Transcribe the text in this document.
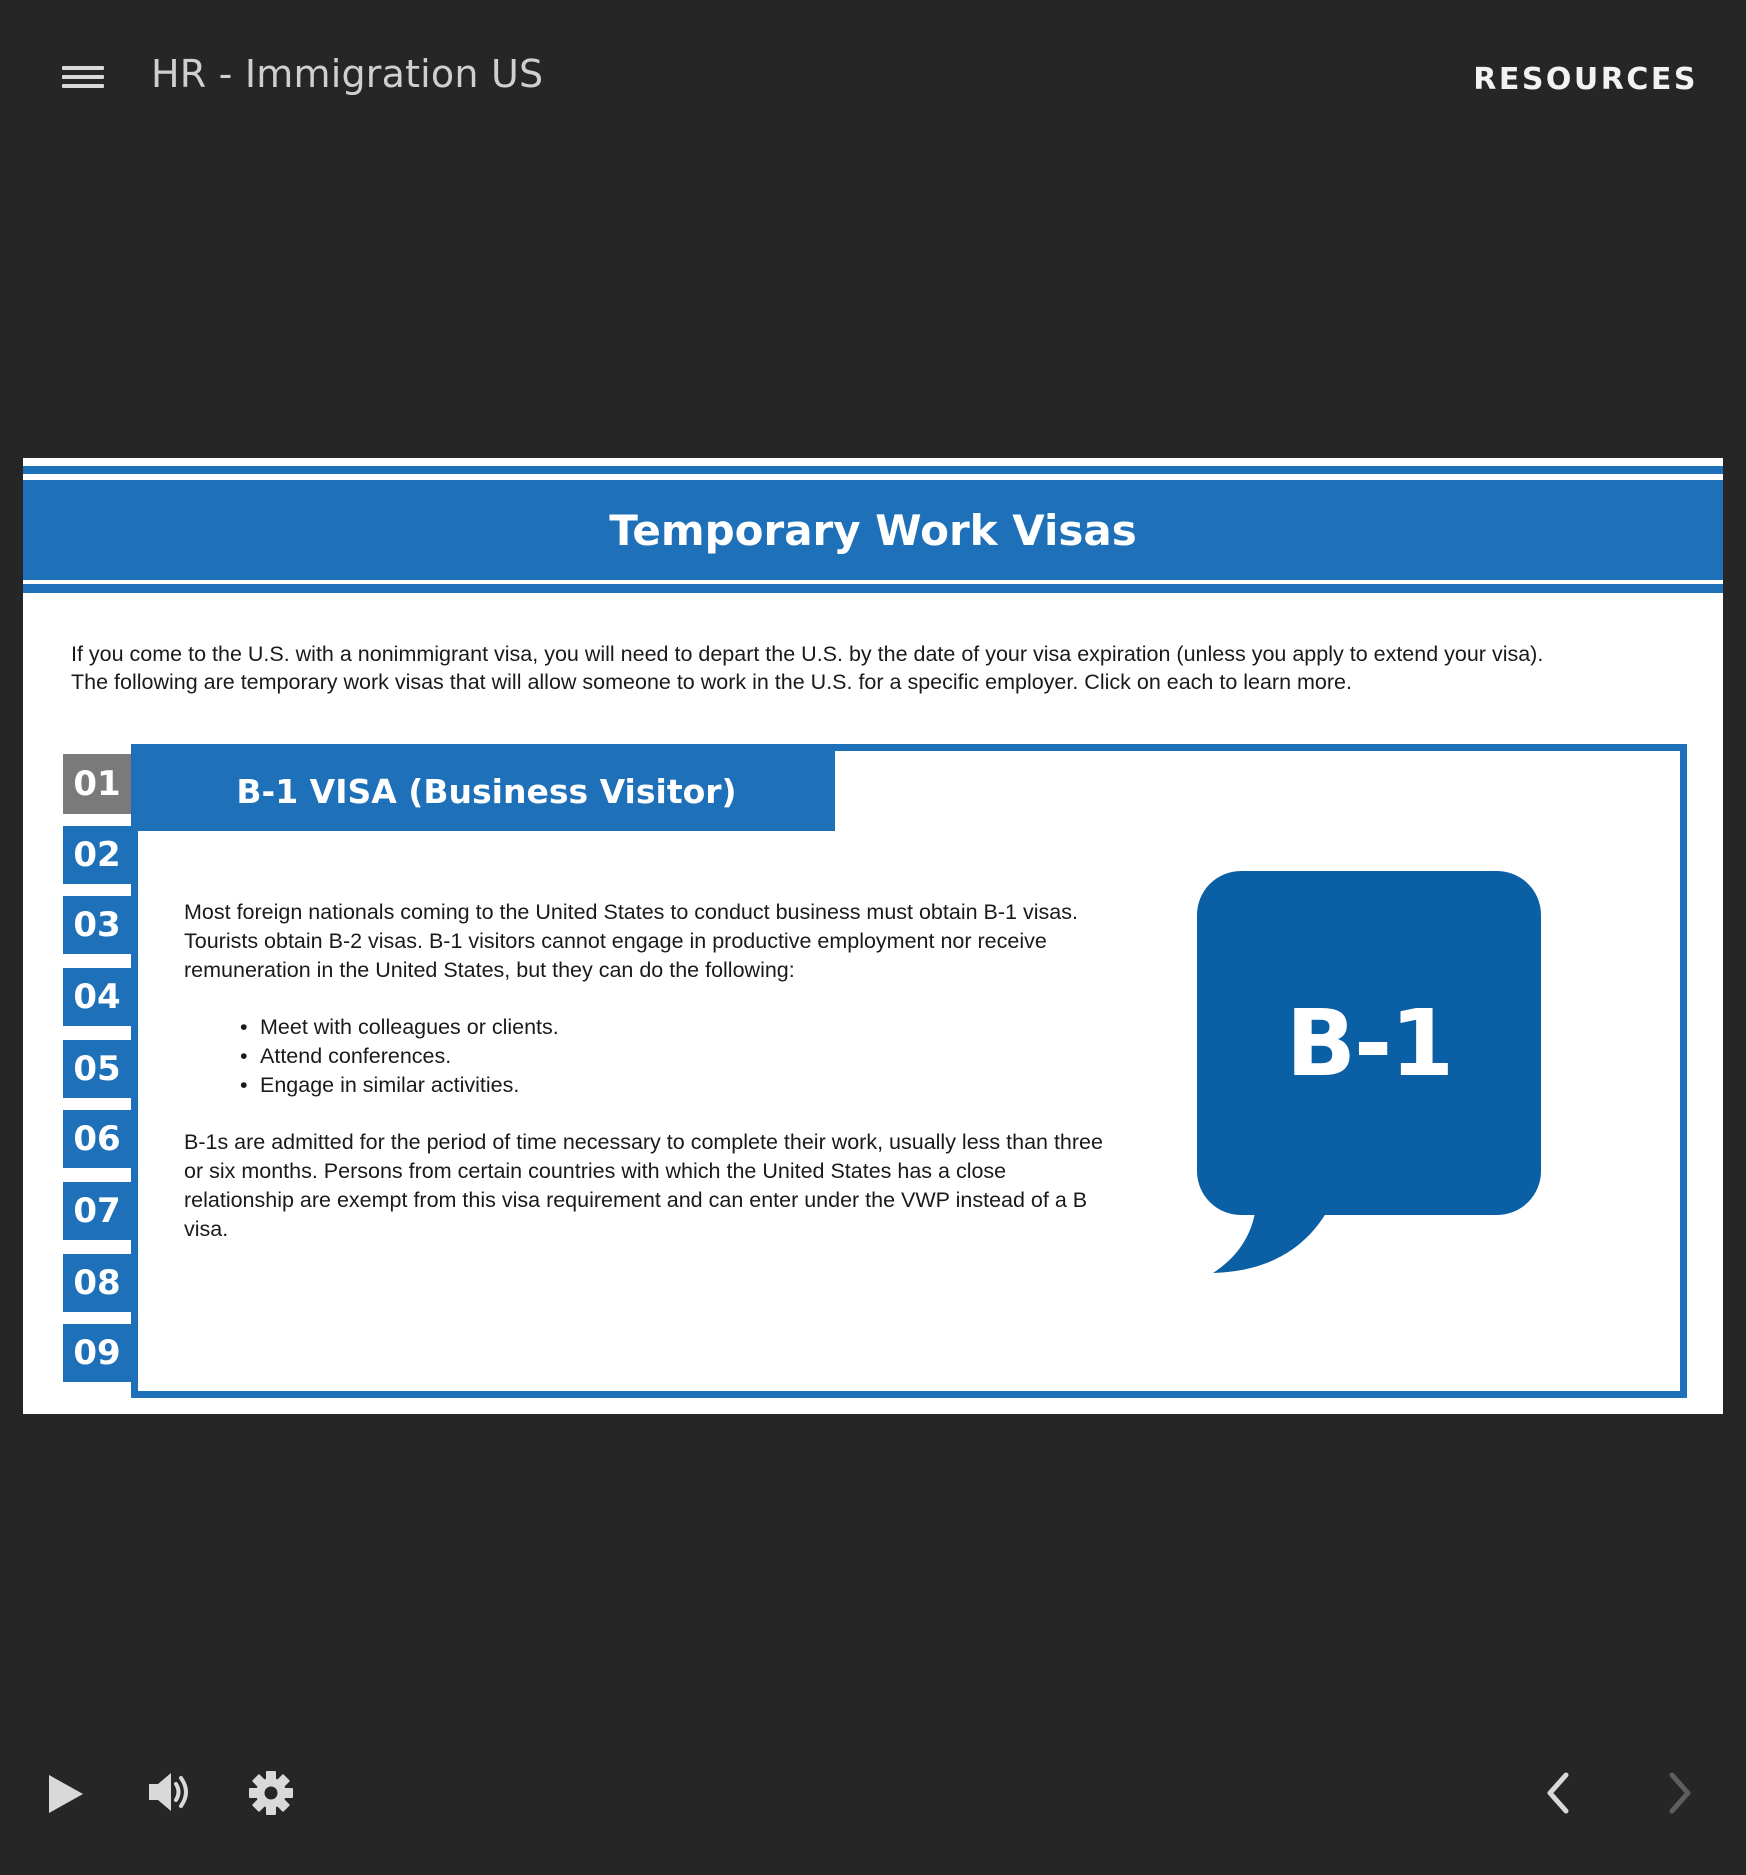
HR - Immigration US	RESOURCES
Temporary Work Visas
If you come to the U.S. with a nonimmigrant visa, you will need to depart the U.S. by the date of your visa expiration (unless you apply to extend your visa).
The following are temporary work visas that will allow someone to work in the U.S. for a specific employer. Click on each to learn more.
01
02
03
04
05
06
07
08
09
B-1 VISA (Business Visitor)

Most foreign nationals coming to the United States to conduct business must obtain B-1 visas. Tourists obtain B-2 visas. B-1 visitors cannot engage in productive employment nor receive remuneration in the United States, but they can do the following:

• Meet with colleagues or clients.
• Attend conferences.
• Engage in similar activities.

B-1s are admitted for the period of time necessary to complete their work, usually less than three or six months. Persons from certain countries with which the United States has a close relationship are exempt from this visa requirement and can enter under the VWP instead of a B visa.

B-1
